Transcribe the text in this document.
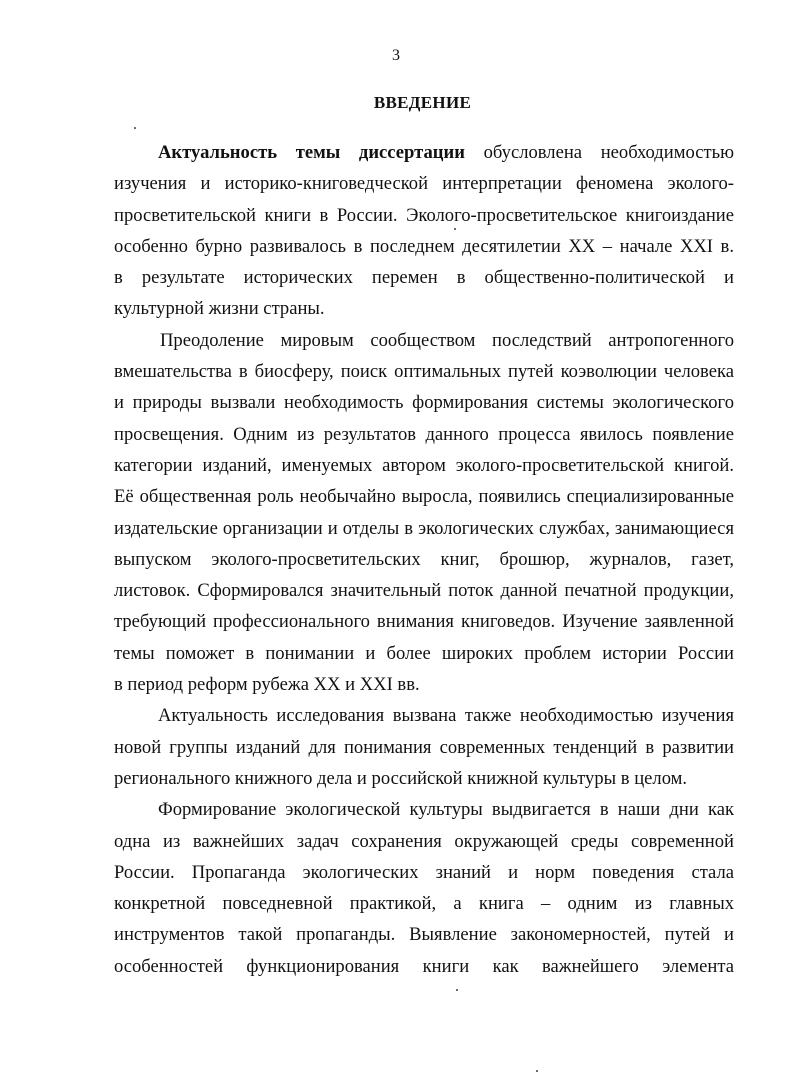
3
ВВЕДЕНИЕ

Актуальность темы диссертации обусловлена необходимостью
изучения и историко-книговедческой интерпретации феномена эколого-
просветительской книги в России. Эколого-просветительское книгоиздание
особенно бурно развивалось в последнем десятилетии XX – начале XXI в.
в результате исторических перемен в общественно-политической и
культурной жизни страны.

Преодоление мировым сообществом последствий антропогенного
вмешательства в биосферу, поиск оптимальных путей коэволюции человека
и природы вызвали необходимость формирования системы экологического
просвещения. Одним из результатов данного процесса явилось появление
категории изданий, именуемых автором эколого-просветительской книгой.
Её общественная роль необычайно выросла, появились специализированные
издательские организации и отделы в экологических службах, занимающиеся
выпуском эколого-просветительских книг, брошюр, журналов, газет,
листовок. Сформировался значительный поток данной печатной продукции,
требующий профессионального внимания книговедов. Изучение заявленной
темы поможет в понимании и более широких проблем истории России
в период реформ рубежа XX и XXI вв.

Актуальность исследования вызвана также необходимостью изучения
новой группы изданий для понимания современных тенденций в развитии
регионального книжного дела и российской книжной культуры в целом.

Формирование экологической культуры выдвигается в наши дни как
одна из важнейших задач сохранения окружающей среды современной
России. Пропаганда экологических знаний и норм поведения стала
конкретной повседневной практикой, а книга – одним из главных
инструментов такой пропаганды. Выявление закономерностей, путей и
особенностей функционирования книги как важнейшего элемента
